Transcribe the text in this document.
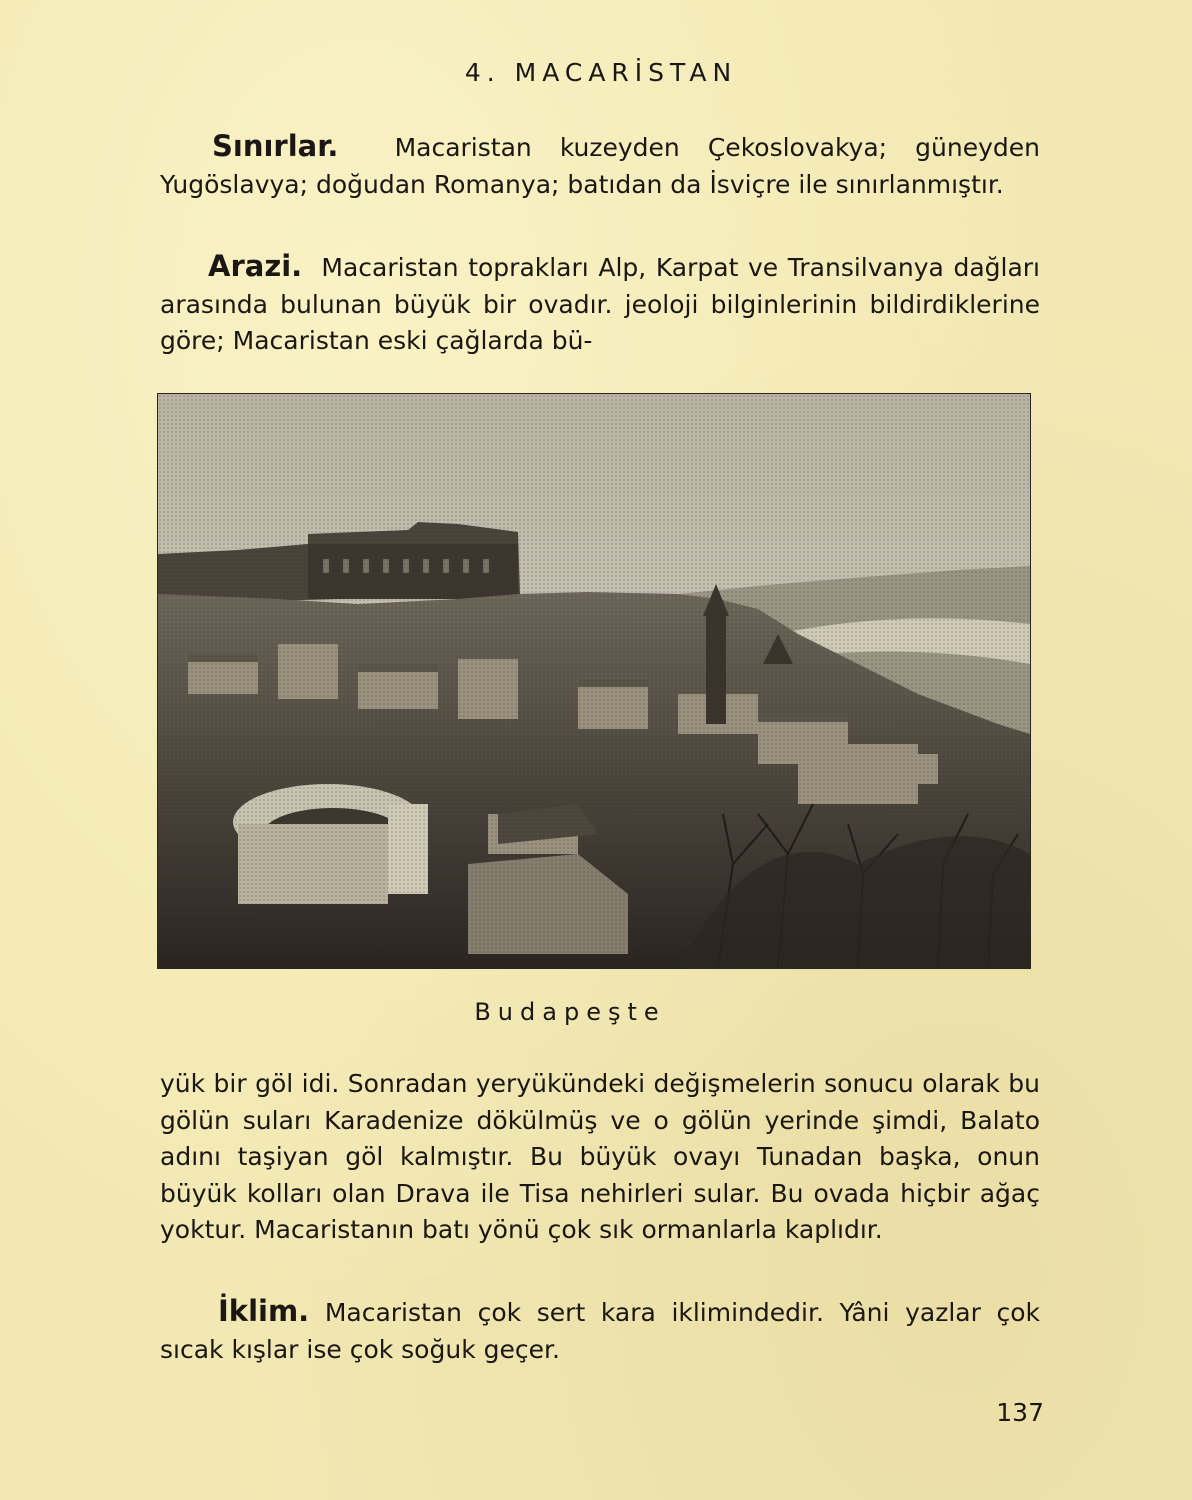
4. MACARİSTAN

Sınırlar. Macaristan kuzeyden Çekoslovakya; güneyden Yugöslavya; doğudan Romanya; batıdan da İsviçre ile sınırlanmıştır.

Arazi. Macaristan toprakları Alp, Karpat ve Transilvanya dağları arasında bulunan büyük bir ovadır. jeoloji bilginlerinin bildirdiklerine göre; Macaristan eski çağlarda bü-

Budapeşte

yük bir göl idi. Sonradan yeryükündeki değişmelerin sonucu olarak bu gölün suları Karadenize dökülmüş ve o gölün yerinde şimdi, Balato adını taşiyan göl kalmıştır. Bu büyük ovayı Tunadan başka, onun büyük kolları olan Drava ile Tisa nehirleri sular. Bu ovada hiçbir ağaç yoktur. Macaristanın batı yönü çok sık ormanlarla kaplıdır.

İklim. Macaristan çok sert kara iklimindedir. Yâni yazlar çok sıcak kışlar ise çok soğuk geçer.

137
